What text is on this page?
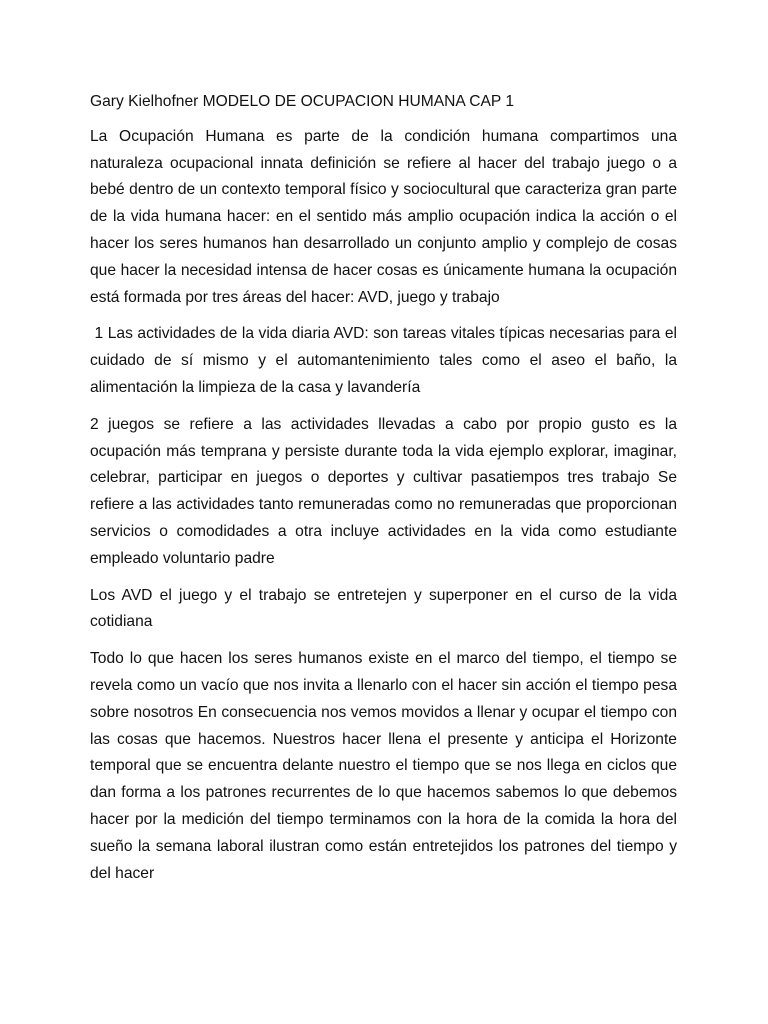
Gary Kielhofner MODELO DE OCUPACION HUMANA CAP 1

La Ocupación Humana es parte de la condición humana compartimos una naturaleza ocupacional innata definición se refiere al hacer del trabajo juego o a bebé dentro de un contexto temporal físico y sociocultural que caracteriza gran parte de la vida humana hacer: en el sentido más amplio ocupación indica la acción o el hacer los seres humanos han desarrollado un conjunto amplio y complejo de cosas que hacer la necesidad intensa de hacer cosas es únicamente humana la ocupación está formada por tres áreas del hacer: AVD, juego y trabajo

1 Las actividades de la vida diaria AVD: son tareas vitales típicas necesarias para el cuidado de sí mismo y el automantenimiento tales como el aseo el baño, la alimentación la limpieza de la casa y lavandería

2 juegos se refiere a las actividades llevadas a cabo por propio gusto es la ocupación más temprana y persiste durante toda la vida ejemplo explorar, imaginar, celebrar, participar en juegos o deportes y cultivar pasatiempos tres trabajo Se refiere a las actividades tanto remuneradas como no remuneradas que proporcionan servicios o comodidades a otra incluye actividades en la vida como estudiante empleado voluntario padre

Los AVD el juego y el trabajo se entretejen y superponer en el curso de la vida cotidiana

Todo lo que hacen los seres humanos existe en el marco del tiempo, el tiempo se revela como un vacío que nos invita a llenarlo con el hacer sin acción el tiempo pesa sobre nosotros En consecuencia nos vemos movidos a llenar y ocupar el tiempo con las cosas que hacemos. Nuestros hacer llena el presente y anticipa el Horizonte temporal que se encuentra delante nuestro el tiempo que se nos llega en ciclos que dan forma a los patrones recurrentes de lo que hacemos sabemos lo que debemos hacer por la medición del tiempo terminamos con la hora de la comida la hora del sueño la semana laboral ilustran como están entretejidos los patrones del tiempo y del hacer
